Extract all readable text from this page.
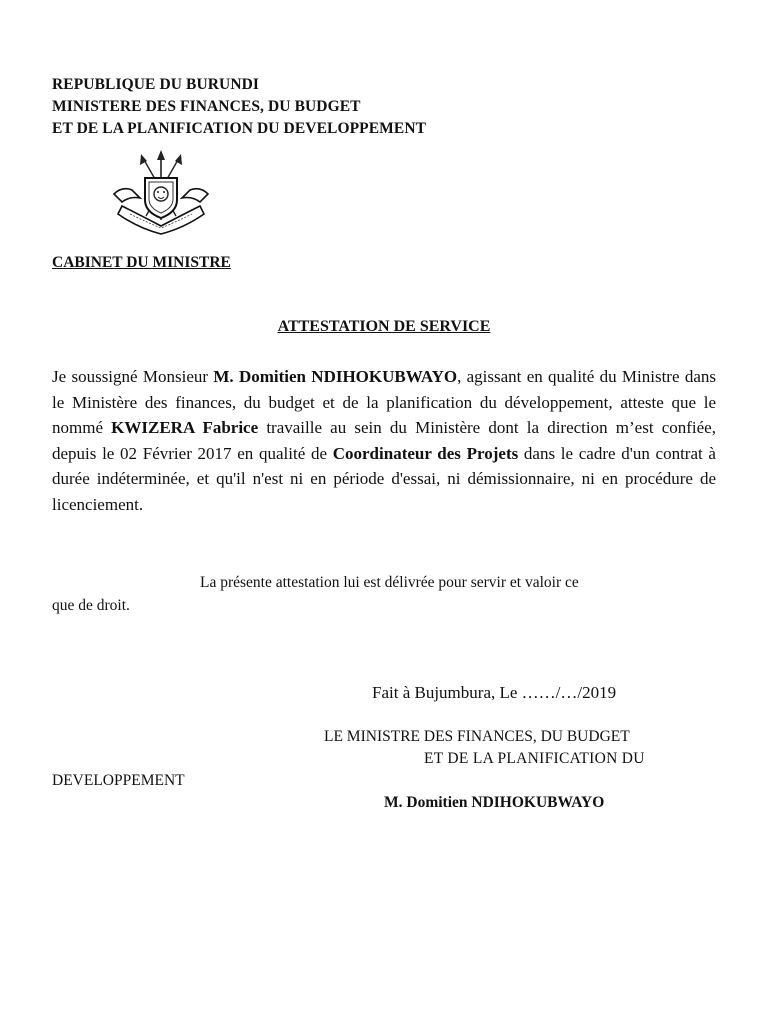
REPUBLIQUE DU BURUNDI
MINISTERE DES FINANCES, DU BUDGET
ET DE LA PLANIFICATION DU DEVELOPPEMENT
CABINET DU MINISTRE
ATTESTATION DE SERVICE
Je soussigné Monsieur M. Domitien NDIHOKUBWAYO, agissant en qualité du Ministre dans le Ministère des finances, du budget et de la planification du développement, atteste que le nommé KWIZERA Fabrice travaille au sein du Ministère dont la direction m’est confiée, depuis le 02 Février 2017 en qualité de Coordinateur des Projets dans le cadre d'un contrat à durée indéterminée, et qu'il n'est ni en période d'essai, ni démissionnaire, ni en procédure de licenciement.
La présente attestation lui est délivrée pour servir et valoir ce
que de droit.
Fait à Bujumbura, Le ……/…/2019
LE MINISTRE DES FINANCES, DU BUDGET
ET DE LA PLANIFICATION DU
DEVELOPPEMENT
M. Domitien NDIHOKUBWAYO
